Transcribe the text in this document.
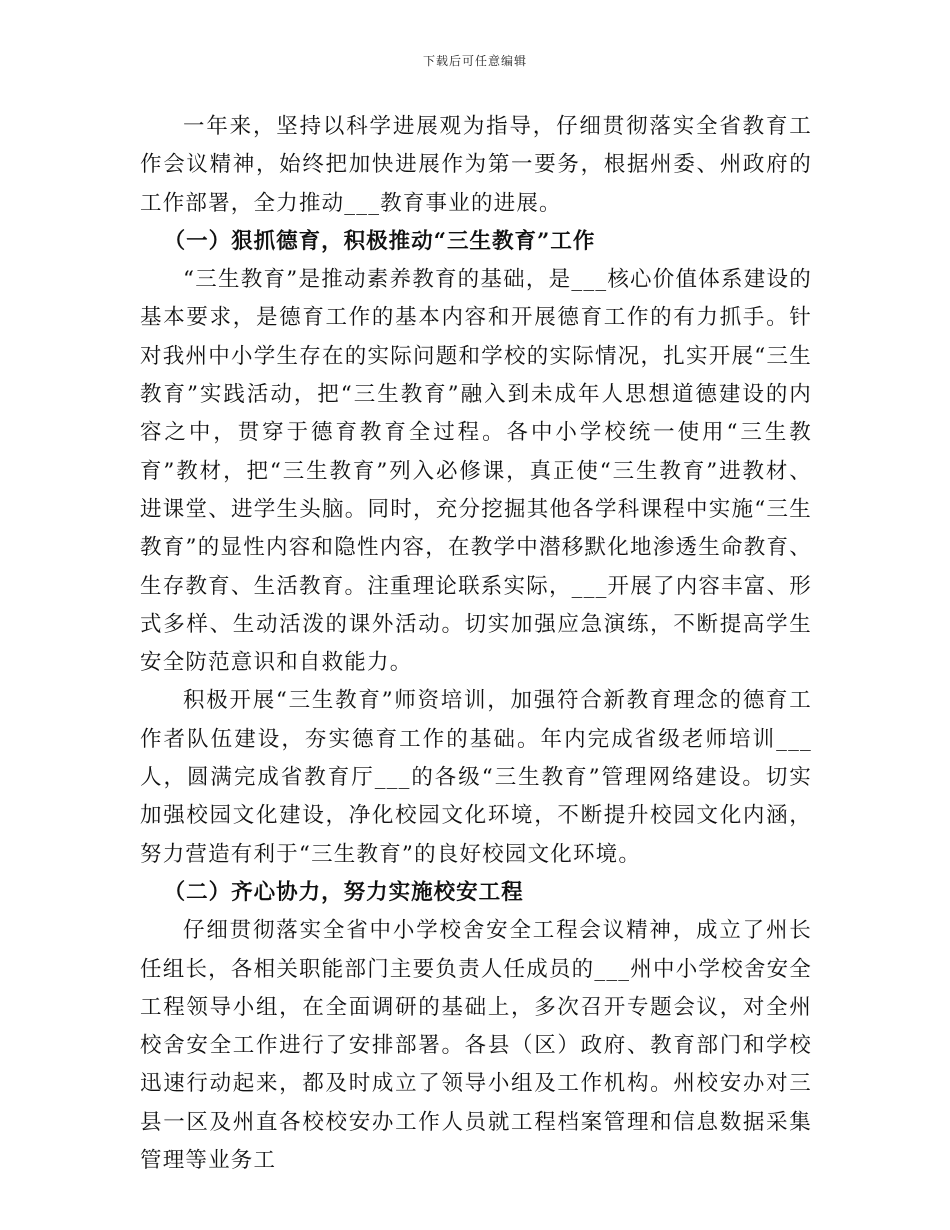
下载后可任意编辑

一年来，坚持以科学进展观为指导，仔细贯彻落实全省教育工作会议精神，始终把加快进展作为第一要务，根据州委、州政府的工作部署，全力推动___教育事业的进展。

（一）狠抓德育，积极推动“三生教育”工作

“三生教育”是推动素养教育的基础，是___核心价值体系建设的基本要求，是德育工作的基本内容和开展德育工作的有力抓手。针对我州中小学生存在的实际问题和学校的实际情况，扎实开展“三生教育”实践活动，把“三生教育”融入到未成年人思想道德建设的内容之中，贯穿于德育教育全过程。各中小学校统一使用“三生教育”教材，把“三生教育”列入必修课，真正使“三生教育”进教材、进课堂、进学生头脑。同时，充分挖掘其他各学科课程中实施“三生教育”的显性内容和隐性内容，在教学中潜移默化地渗透生命教育、生存教育、生活教育。注重理论联系实际，___开展了内容丰富、形式多样、生动活泼的课外活动。切实加强应急演练，不断提高学生安全防范意识和自救能力。

积极开展“三生教育”师资培训，加强符合新教育理念的德育工作者队伍建设，夯实德育工作的基础。年内完成省级老师培训___人，圆满完成省教育厅___的各级“三生教育”管理网络建设。切实加强校园文化建设，净化校园文化环境，不断提升校园文化内涵，努力营造有利于“三生教育”的良好校园文化环境。

（二）齐心协力，努力实施校安工程

仔细贯彻落实全省中小学校舍安全工程会议精神，成立了州长任组长，各相关职能部门主要负责人任成员的___州中小学校舍安全工程领导小组，在全面调研的基础上，多次召开专题会议，对全州校舍安全工作进行了安排部署。各县（区）政府、教育部门和学校迅速行动起来，都及时成立了领导小组及工作机构。州校安办对三县一区及州直各校校安办工作人员就工程档案管理和信息数据采集管理等业务工
